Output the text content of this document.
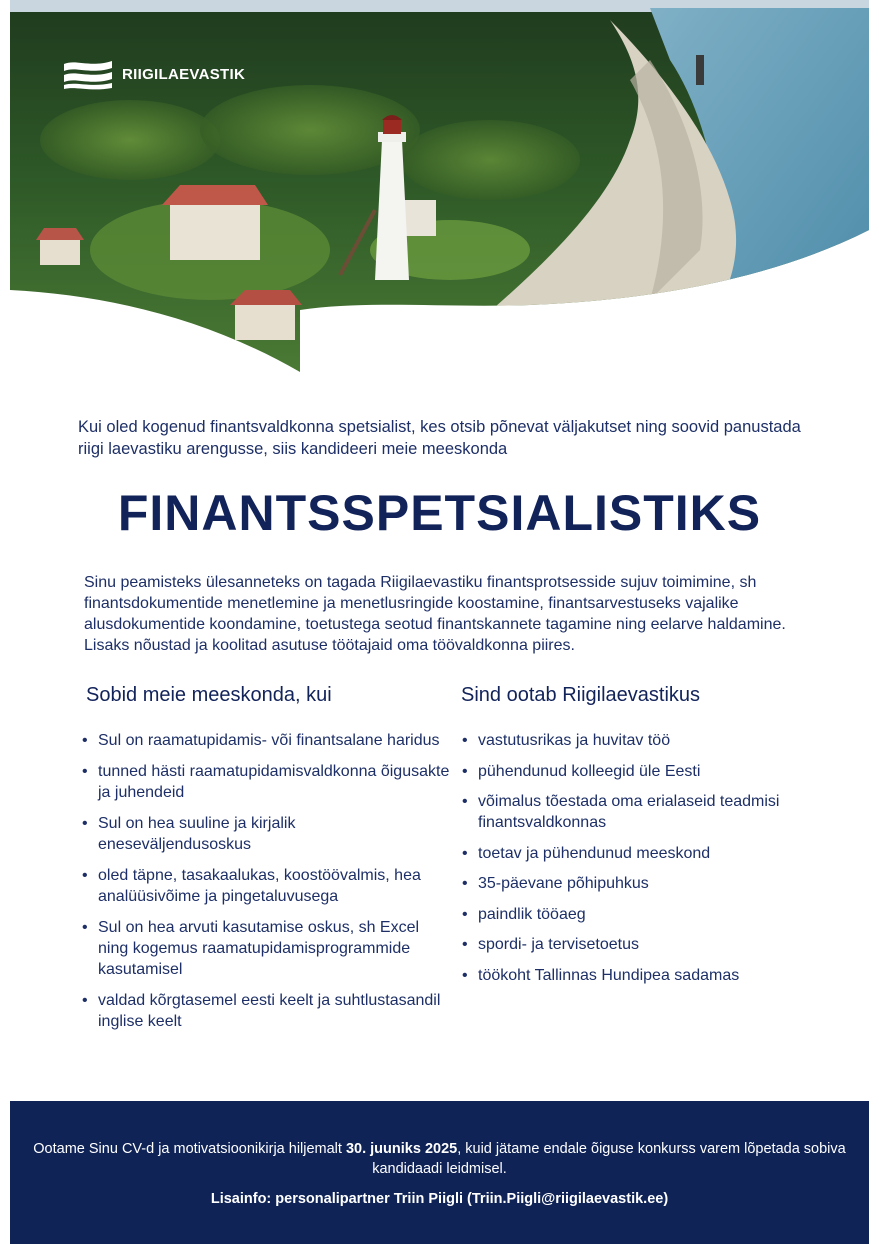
RIIGILAEVASTIK

Kui oled kogenud finantsvaldkonna spetsialist, kes otsib põnevat väljakutset ning soovid panustada riigi laevastiku arengusse, siis kandideeri meie meeskonda

FINANTSSPETSIALISTIKS

Sinu peamisteks ülesanneteks on tagada Riigilaevastiku finantsprotsesside sujuv toimimine, sh finantsdokumentide menetlemine ja menetlusringide koostamine, finantsarvestuseks vajalike alusdokumentide koondamine, toetustega seotud finantskannete tagamine ning eelarve haldamine. Lisaks nõustad ja koolitad asutuse töötajaid oma töövaldkonna piires.

Sobid meie meeskonda, kui
• Sul on raamatupidamis- või finantsalane haridus
• tunned hästi raamatupidamisvaldkonna õigusakte ja juhendeid
• Sul on hea suuline ja kirjalik eneseväljendusoskus
• oled täpne, tasakaalukas, koostöövalmis, hea analüüsivõime ja pingetaluvusega
• Sul on hea arvuti kasutamise oskus, sh Excel ning kogemus raamatupidamisprogrammide kasutamisel
• valdad kõrgtasemel eesti keelt ja suhtlustasandil inglise keelt
Sind ootab Riigilaevastikus
• vastutusrikas ja huvitav töö
• pühendunud kolleegid üle Eesti
• võimalus tõestada oma erialaseid teadmisi finantsvaldkonnas
• toetav ja pühendunud meeskond
• 35-päevane põhipuhkus
• paindlik tööaeg
• spordi- ja tervisetoetus
• töökoht Tallinnas Hundipea sadamas

Ootame Sinu CV-d ja motivatsioonikirja hiljemalt 30. juuniks 2025, kuid jätame endale õiguse konkurss varem lõpetada sobiva kandidaadi leidmisel.

Lisainfo: personalipartner Triin Piigli (Triin.Piigli@riigilaevastik.ee)
